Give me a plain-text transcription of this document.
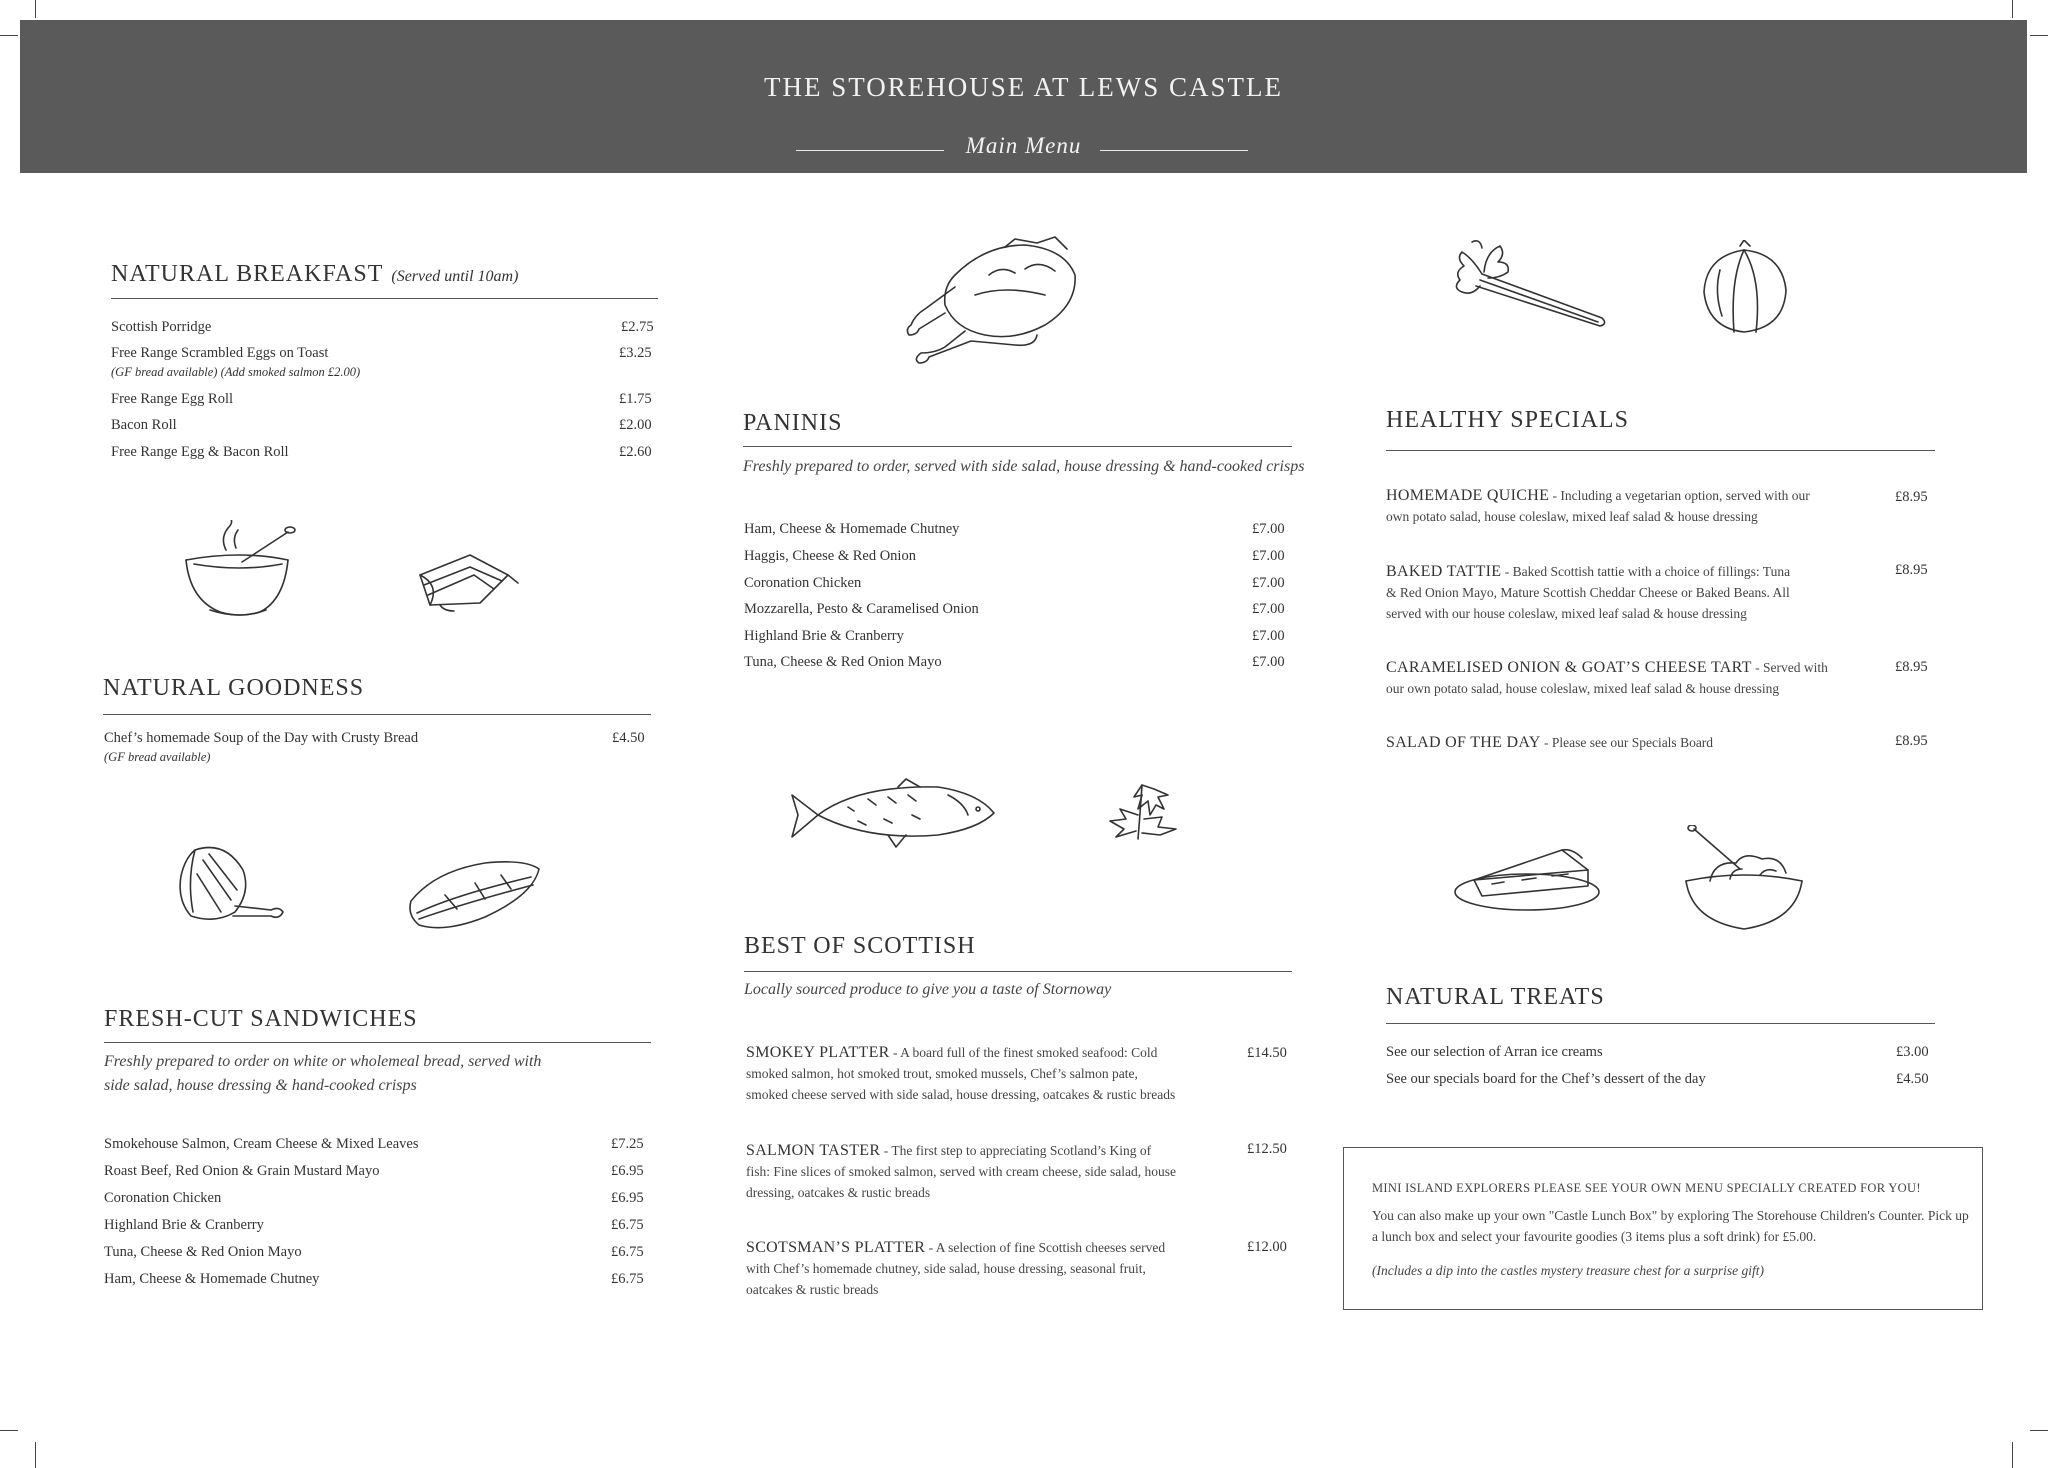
THE STOREHOUSE AT LEWS CASTLE
Main Menu
NATURAL BREAKFAST (Served until 10am)
Scottish Porridge	£2.75
Free Range Scrambled Eggs on Toast	£3.25
(GF bread available) (Add smoked salmon £2.00)
Free Range Egg Roll	£1.75
Bacon Roll	£2.00
Free Range Egg & Bacon Roll	£2.60
NATURAL GOODNESS
Chef’s homemade Soup of the Day with Crusty Bread	£4.50
(GF bread available)
FRESH-CUT SANDWICHES
Freshly prepared to order on white or wholemeal bread, served with
side salad, house dressing & hand-cooked crisps
Smokehouse Salmon, Cream Cheese & Mixed Leaves	£7.25
Roast Beef, Red Onion & Grain Mustard Mayo	£6.95
Coronation Chicken	£6.95
Highland Brie & Cranberry	£6.75
Tuna, Cheese & Red Onion Mayo	£6.75
Ham, Cheese & Homemade Chutney	£6.75
PANINIS
Freshly prepared to order, served with side salad, house dressing & hand-cooked crisps
Ham, Cheese & Homemade Chutney	£7.00
Haggis, Cheese & Red Onion	£7.00
Coronation Chicken	£7.00
Mozzarella, Pesto & Caramelised Onion	£7.00
Highland Brie & Cranberry	£7.00
Tuna, Cheese & Red Onion Mayo	£7.00
BEST OF SCOTTISH
Locally sourced produce to give you a taste of Stornoway
SMOKEY PLATTER - A board full of the finest smoked seafood: Cold
smoked salmon, hot smoked trout, smoked mussels, Chef’s salmon pate,
smoked cheese served with side salad, house dressing, oatcakes & rustic breads
£14.50
SALMON TASTER - The first step to appreciating Scotland’s King of
fish: Fine slices of smoked salmon, served with cream cheese, side salad, house
dressing, oatcakes & rustic breads
£12.50
SCOTSMAN’S PLATTER - A selection of fine Scottish cheeses served
with Chef’s homemade chutney, side salad, house dressing, seasonal fruit,
oatcakes & rustic breads
£12.00
HEALTHY SPECIALS
HOMEMADE QUICHE - Including a vegetarian option, served with our
own potato salad, house coleslaw, mixed leaf salad & house dressing
£8.95
BAKED TATTIE - Baked Scottish tattie with a choice of fillings: Tuna
& Red Onion Mayo, Mature Scottish Cheddar Cheese or Baked Beans. All
served with our house coleslaw, mixed leaf salad & house dressing
£8.95
CARAMELISED ONION & GOAT’S CHEESE TART - Served with
our own potato salad, house coleslaw, mixed leaf salad & house dressing
£8.95
SALAD OF THE DAY - Please see our Specials Board	£8.95
NATURAL TREATS
See our selection of Arran ice creams	£3.00
See our specials board for the Chef’s dessert of the day	£4.50
MINI ISLAND EXPLORERS PLEASE SEE YOUR OWN MENU SPECIALLY CREATED FOR YOU!
You can also make up your own "Castle Lunch Box" by exploring The Storehouse Children's Counter. Pick up a lunch box and select your favourite goodies (3 items plus a soft drink) for £5.00.
(Includes a dip into the castles mystery treasure chest for a surprise gift)
